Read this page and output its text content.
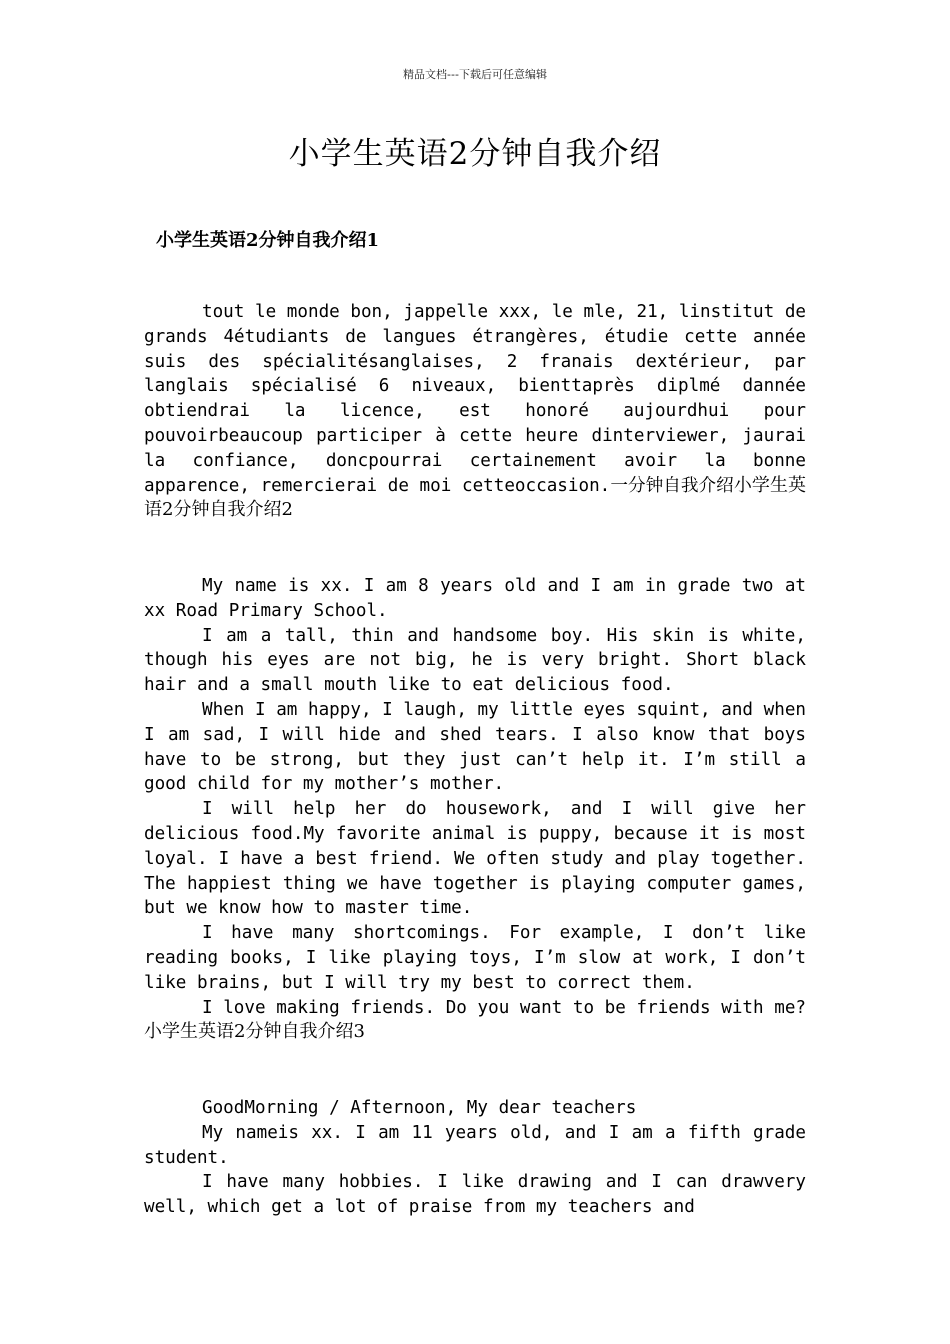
精品文档---下载后可任意编辑
小学生英语2分钟自我介绍
小学生英语2分钟自我介绍1

tout le monde bon, jappelle xxx, le mle, 21, linstitut de grands 4étudiants de langues étrangères, étudie cette année suis des spécialitésanglaises, 2 franais dextérieur, par langlais spécialisé 6 niveaux, bienttaprès diplmé dannée obtiendrai la licence, est honoré aujourdhui pour pouvoirbeaucoup participer à cette heure dinterviewer, jaurai la confiance, doncpourrai certainement avoir la bonne apparence, remercierai de moi cetteoccasion.一分钟自我介绍小学生英语2分钟自我介绍2

My name is xx. I am 8 years old and I am in grade two at xx Road Primary School.

I am a tall, thin and handsome boy. His skin is white, though his eyes are not big, he is very bright. Short black hair and a small mouth like to eat delicious food.

When I am happy, I laugh, my little eyes squint, and when I am sad, I will hide and shed tears. I also know that boys have to be strong, but they just can’t help it. I’m still a good child for my mother’s mother.

I will help her do housework, and I will give her delicious food.My favorite animal is puppy, because it is most loyal. I have a best friend. We often study and play together. The happiest thing we have together is playing computer games, but we know how to master time.

I have many shortcomings. For example, I don’t like reading books, I like playing toys, I’m slow at work, I don’t like brains, but I will try my best to correct them.

I love making friends. Do you want to be friends with me?小学生英语2分钟自我介绍3

GoodMorning / Afternoon, My dear teachers

My nameis xx. I am 11 years old, and I am a fifth grade student.

I have many hobbies. I like drawing and I can drawvery well, which get a lot of praise from my teachers and
